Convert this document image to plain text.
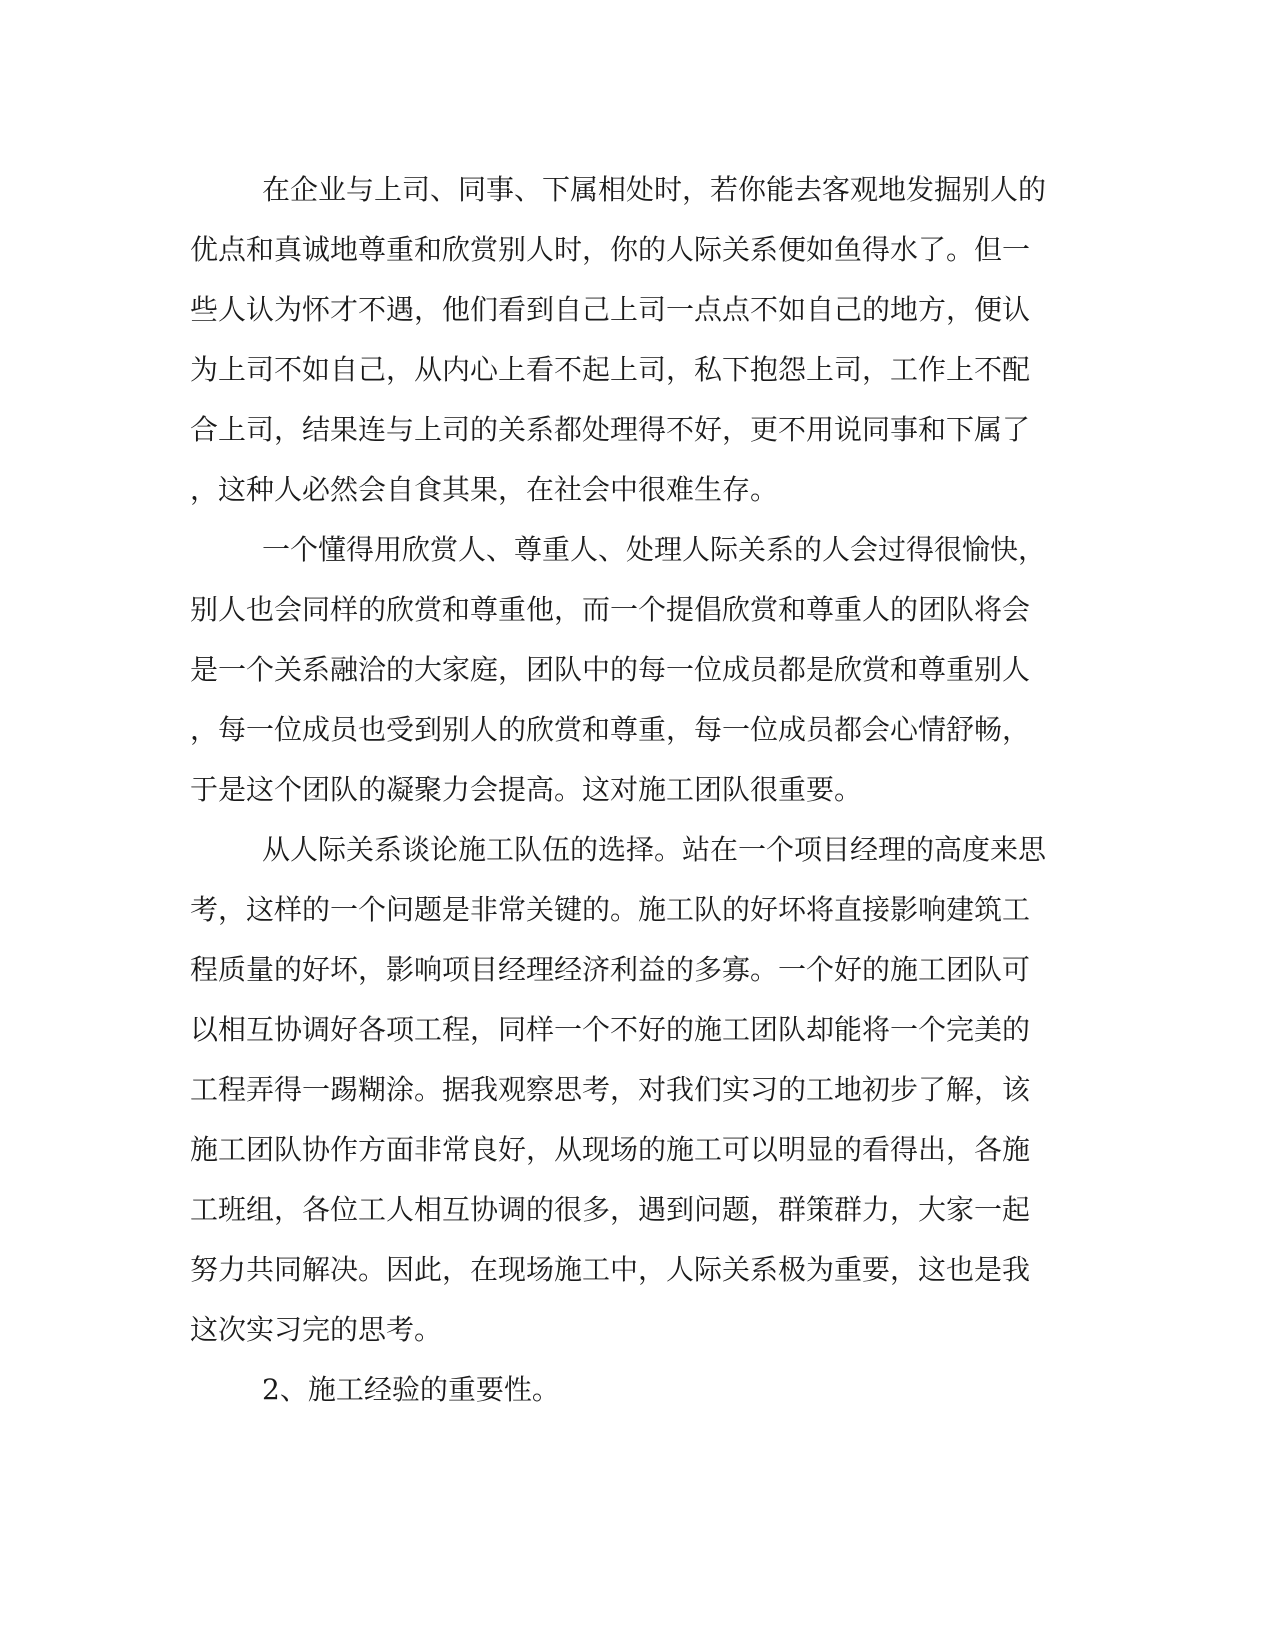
在企业与上司、同事、下属相处时，若你能去客观地发掘别人的
优点和真诚地尊重和欣赏别人时，你的人际关系便如鱼得水了。但一
些人认为怀才不遇，他们看到自己上司一点点不如自己的地方，便认
为上司不如自己，从内心上看不起上司，私下抱怨上司，工作上不配
合上司，结果连与上司的关系都处理得不好，更不用说同事和下属了
，这种人必然会自食其果，在社会中很难生存。
一个懂得用欣赏人、尊重人、处理人际关系的人会过得很愉快，
别人也会同样的欣赏和尊重他，而一个提倡欣赏和尊重人的团队将会
是一个关系融洽的大家庭，团队中的每一位成员都是欣赏和尊重别人
，每一位成员也受到别人的欣赏和尊重，每一位成员都会心情舒畅，
于是这个团队的凝聚力会提高。这对施工团队很重要。
从人际关系谈论施工队伍的选择。站在一个项目经理的高度来思
考，这样的一个问题是非常关键的。施工队的好坏将直接影响建筑工
程质量的好坏，影响项目经理经济利益的多寡。一个好的施工团队可
以相互协调好各项工程，同样一个不好的施工团队却能将一个完美的
工程弄得一踢糊涂。据我观察思考，对我们实习的工地初步了解，该
施工团队协作方面非常良好，从现场的施工可以明显的看得出，各施
工班组，各位工人相互协调的很多，遇到问题，群策群力，大家一起
努力共同解决。因此，在现场施工中，人际关系极为重要，这也是我
这次实习完的思考。
2、施工经验的重要性。
